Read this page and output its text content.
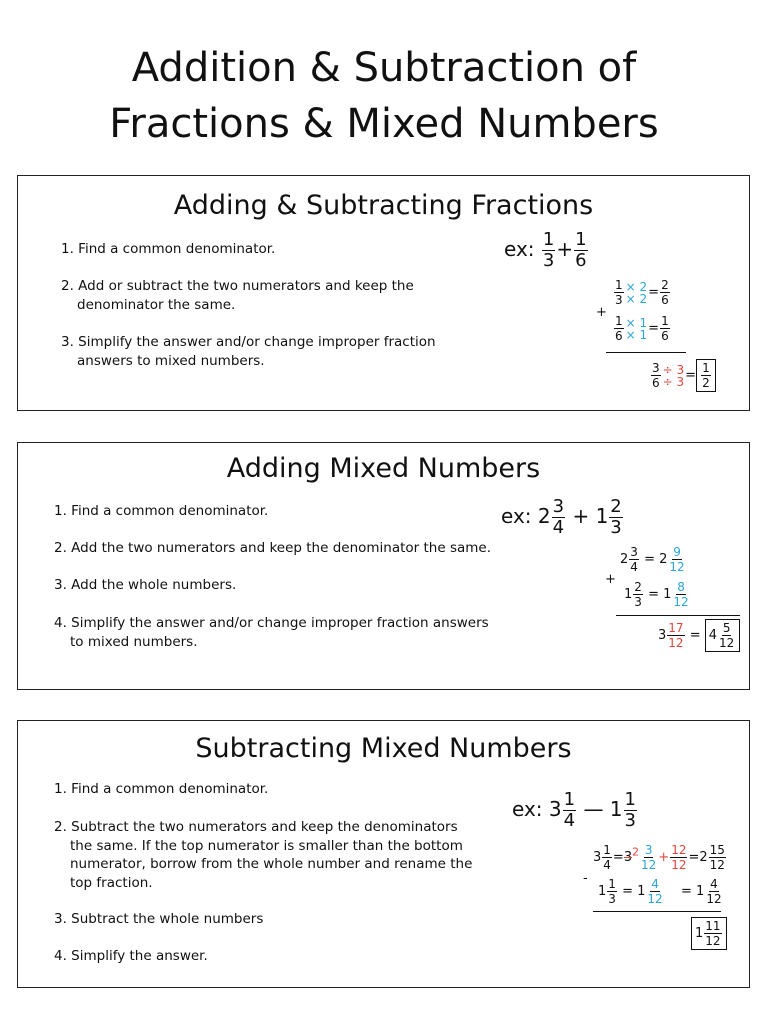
Addition & Subtraction of
Fractions & Mixed Numbers
Adding & Subtracting Fractions
1. Find a common denominator.
2. Add or subtract the two numerators and keep the
denominator the same.
3. Simplify the answer and/or change improper fraction
answers to mixed numbers.
ex: $\frac{1}{3} + \frac{1}{6}$
$\frac{1}{3} \times 2$
× $2 = \frac{2}{6}$
+
$\frac{1}{6} \times 1$
× $1 = \frac{1}{6}$
$\frac{3}{6} \div 3$
÷ $3 = \frac{1}{2}$
Adding Mixed Numbers
1. Find a common denominator.
2. Add the two numerators and keep the denominator the same.
3. Add the whole numbers.
4. Simplify the answer and/or change improper fraction answers
to mixed numbers.
ex: $2 \frac{3}{4} + 1 \frac{2}{3}$
$2 \frac{3}{4} = 2 \frac{9}{12}$
+
$1 \frac{2}{3} = 1 \frac{8}{12}$
$3 \frac{17}{12} = 4 \frac{5}{12}$
Subtracting Mixed Numbers
1. Find a common denominator.
2. Subtract the two numerators and keep the denominators
the same. If the top numerator is smaller than the bottom
numerator, borrow from the whole number and rename the
top fraction.
3. Subtract the whole numbers
4. Simplify the answer.
ex: $3 \frac{1}{4}$ — $1 \frac{1}{3}$
$3 \frac{1}{4} =3^2 \frac{3}{12} + \frac{12}{12} =2 \frac{15}{12}$
-
$1 \frac{1}{3} = 1 \frac{4}{12} = 1 \frac{4}{12}$
$1 \frac{11}{12}$
